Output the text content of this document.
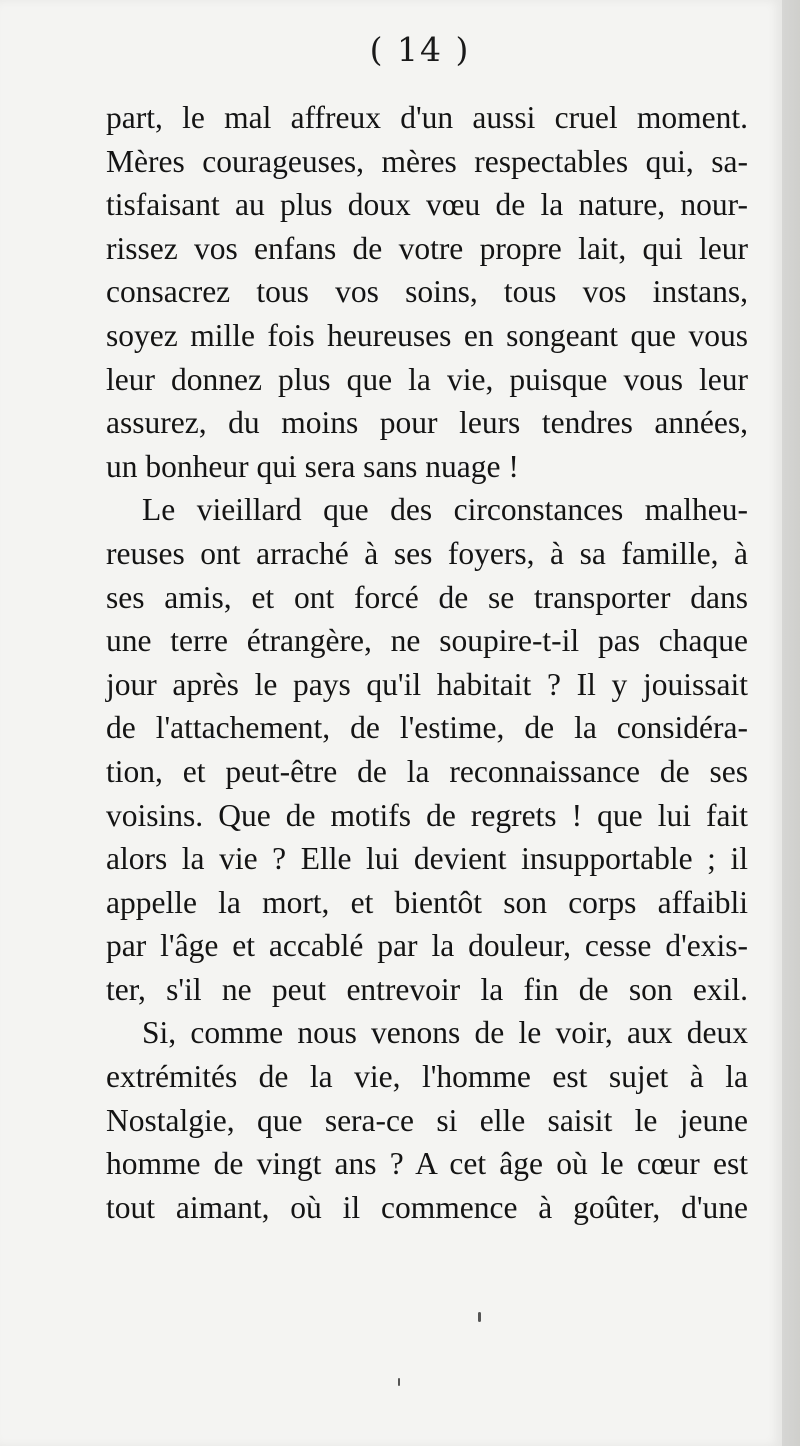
( 14 )
part, le mal affreux d'un aussi cruel moment.
Mères courageuses, mères respectables qui, sa-
tisfaisant au plus doux vœu de la nature, nour-
rissez vos enfans de votre propre lait, qui leur
consacrez tous vos soins, tous vos instans,
soyez mille fois heureuses en songeant que vous
leur donnez plus que la vie, puisque vous leur
assurez, du moins pour leurs tendres années,
un bonheur qui sera sans nuage !
Le vieillard que des circonstances malheu-
reuses ont arraché à ses foyers, à sa famille, à
ses amis, et ont forcé de se transporter dans
une terre étrangère, ne soupire-t-il pas chaque
jour après le pays qu'il habitait ? Il y jouissait
de l'attachement, de l'estime, de la considéra-
tion, et peut-être de la reconnaissance de ses
voisins. Que de motifs de regrets ! que lui fait
alors la vie ? Elle lui devient insupportable ; il
appelle la mort, et bientôt son corps affaibli
par l'âge et accablé par la douleur, cesse d'exis-
ter, s'il ne peut entrevoir la fin de son exil.
Si, comme nous venons de le voir, aux deux
extrémités de la vie, l'homme est sujet à la
Nostalgie, que sera-ce si elle saisit le jeune
homme de vingt ans ? A cet âge où le cœur est
tout aimant, où il commence à goûter, d'une
